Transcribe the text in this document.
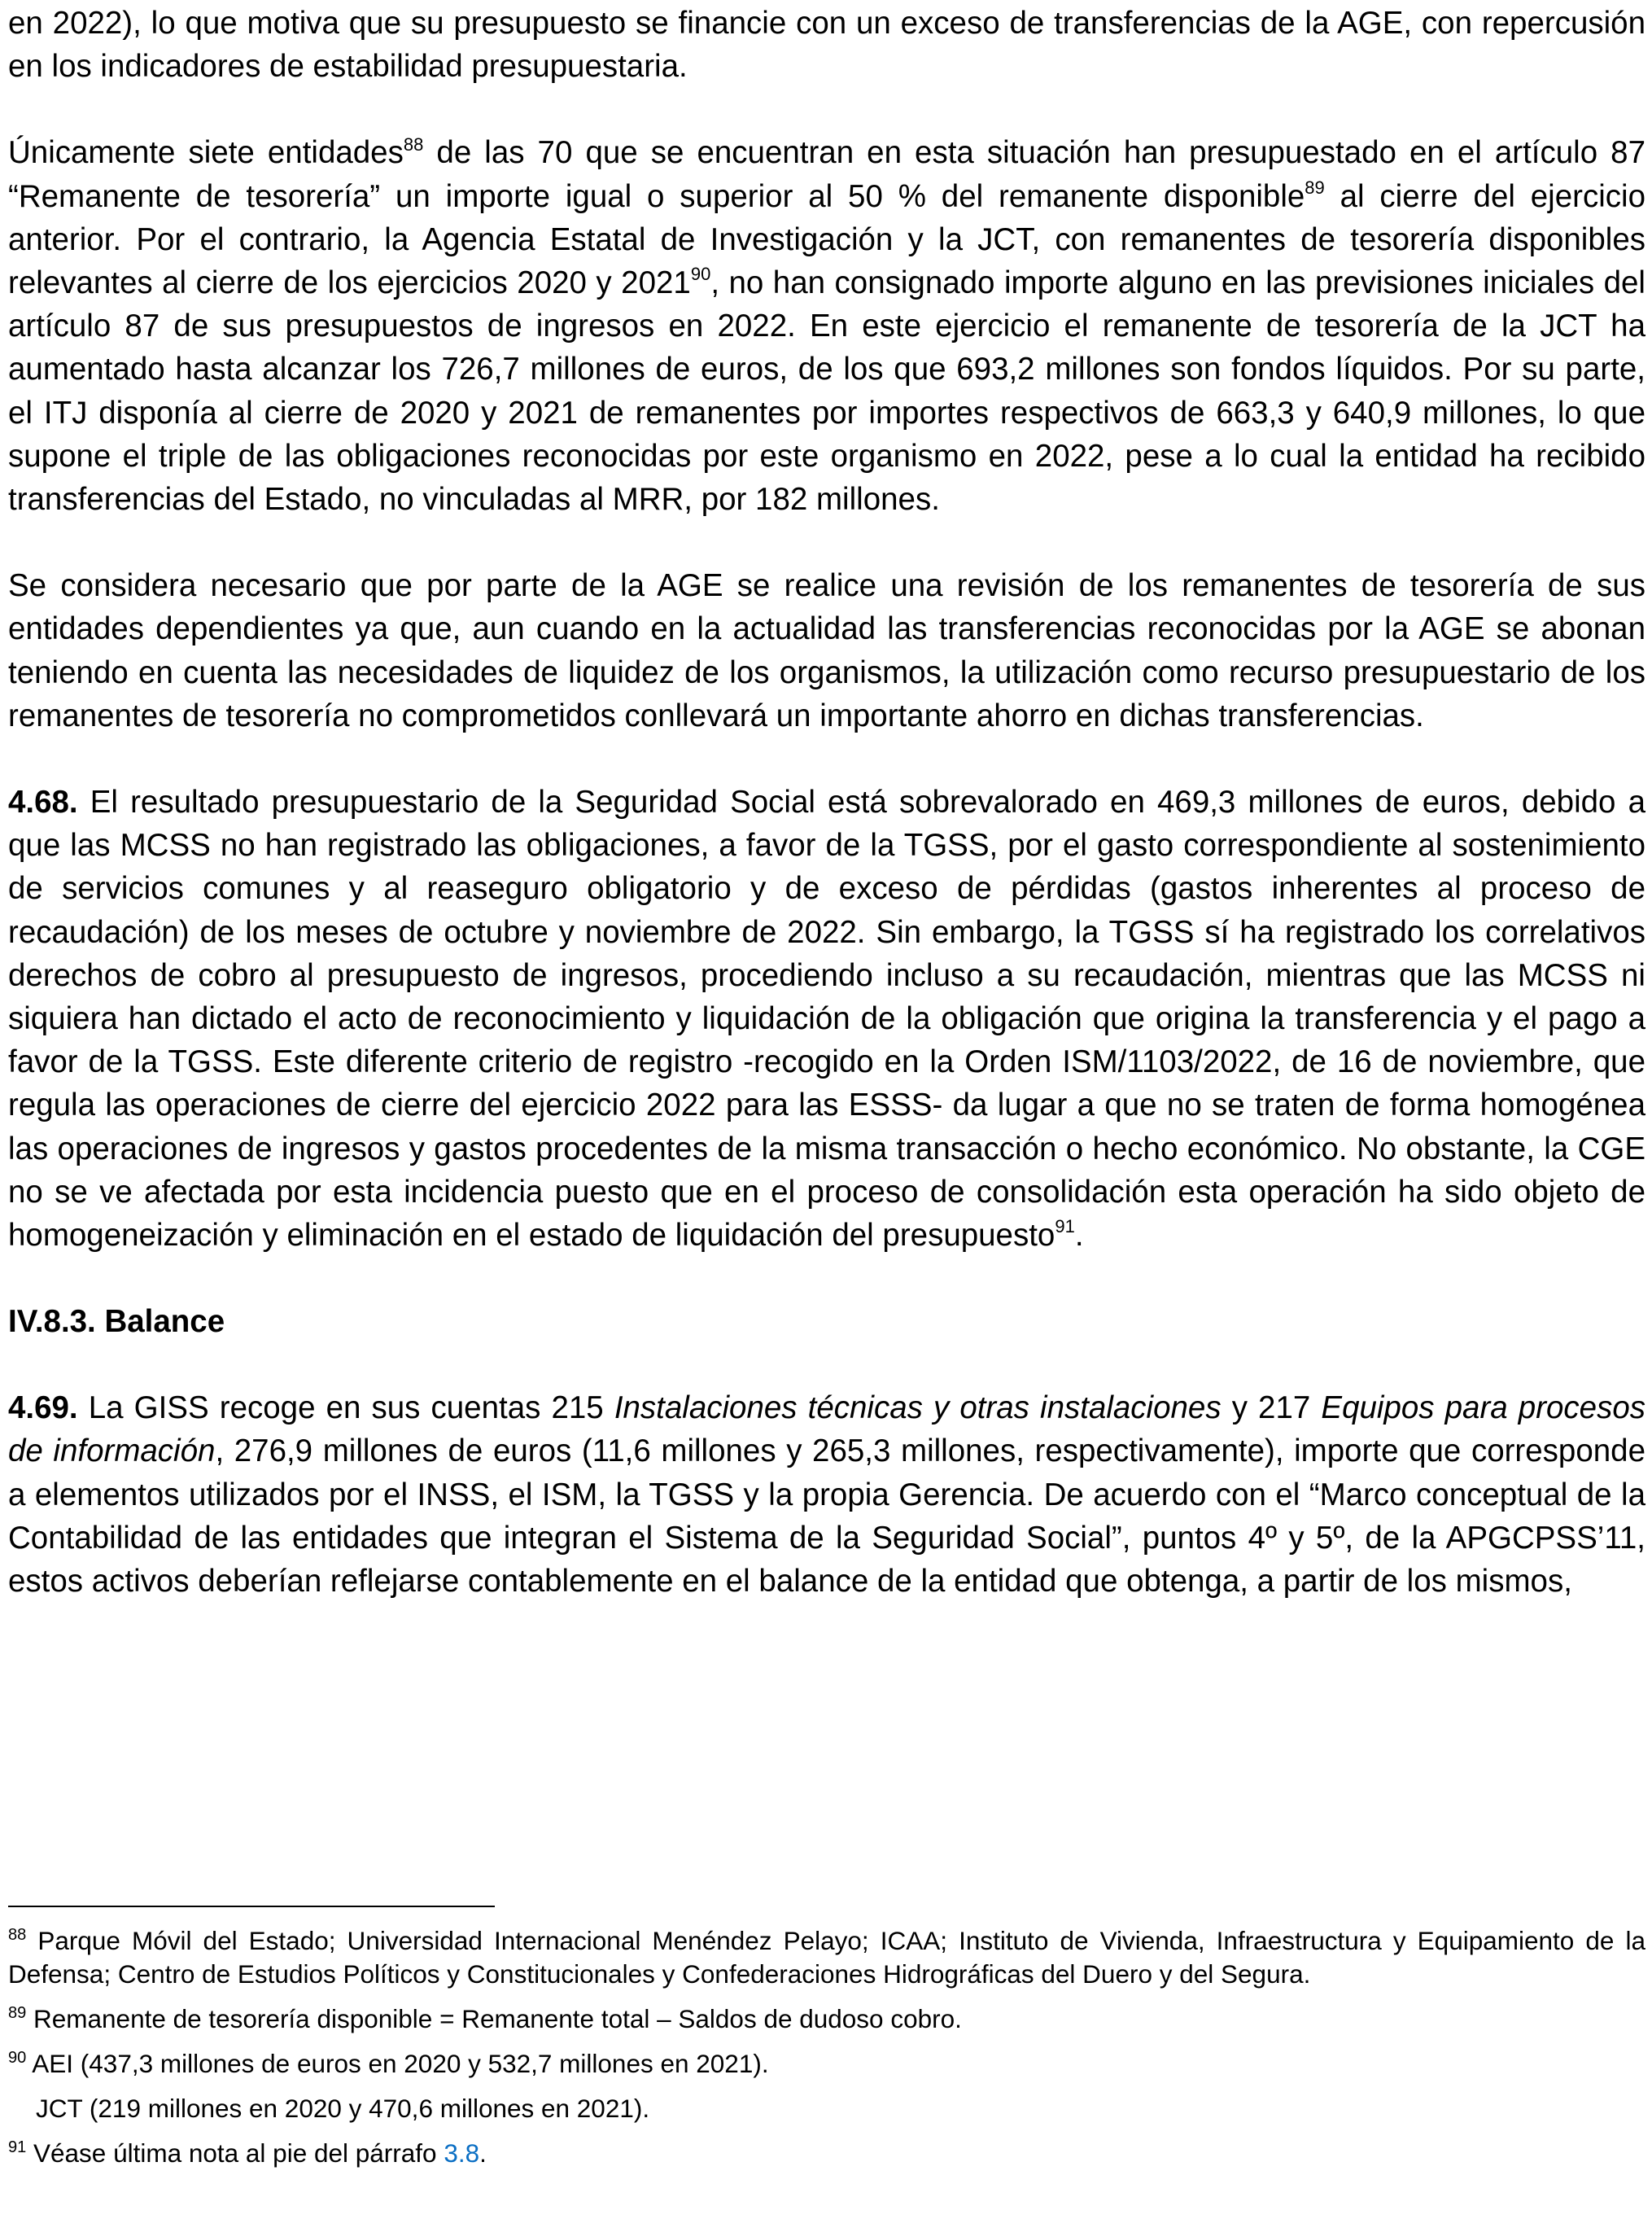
en 2022), lo que motiva que su presupuesto se financie con un exceso de transferencias de la AGE, con repercusión en los indicadores de estabilidad presupuestaria.

Únicamente siete entidades$^{88}$ de las 70 que se encuentran en esta situación han presupuestado en el artículo 87 “Remanente de tesorería” un importe igual o superior al 50 % del remanente disponible$^{89}$ al cierre del ejercicio anterior. Por el contrario, la Agencia Estatal de Investigación y la JCT, con remanentes de tesorería disponibles relevantes al cierre de los ejercicios 2020 y 2021$^{90}$, no han consignado importe alguno en las previsiones iniciales del artículo 87 de sus presupuestos de ingresos en 2022. En este ejercicio el remanente de tesorería de la JCT ha aumentado hasta alcanzar los 726,7 millones de euros, de los que 693,2 millones son fondos líquidos. Por su parte, el ITJ disponía al cierre de 2020 y 2021 de remanentes por importes respectivos de 663,3 y 640,9 millones, lo que supone el triple de las obligaciones reconocidas por este organismo en 2022, pese a lo cual la entidad ha recibido transferencias del Estado, no vinculadas al MRR, por 182 millones.

Se considera necesario que por parte de la AGE se realice una revisión de los remanentes de tesorería de sus entidades dependientes ya que, aun cuando en la actualidad las transferencias reconocidas por la AGE se abonan teniendo en cuenta las necesidades de liquidez de los organismos, la utilización como recurso presupuestario de los remanentes de tesorería no comprometidos conllevará un importante ahorro en dichas transferencias.

4.68. El resultado presupuestario de la Seguridad Social está sobrevalorado en 469,3 millones de euros, debido a que las MCSS no han registrado las obligaciones, a favor de la TGSS, por el gasto correspondiente al sostenimiento de servicios comunes y al reaseguro obligatorio y de exceso de pérdidas (gastos inherentes al proceso de recaudación) de los meses de octubre y noviembre de 2022. Sin embargo, la TGSS sí ha registrado los correlativos derechos de cobro al presupuesto de ingresos, procediendo incluso a su recaudación, mientras que las MCSS ni siquiera han dictado el acto de reconocimiento y liquidación de la obligación que origina la transferencia y el pago a favor de la TGSS. Este diferente criterio de registro -recogido en la Orden ISM/1103/2022, de 16 de noviembre, que regula las operaciones de cierre del ejercicio 2022 para las ESSS- da lugar a que no se traten de forma homogénea las operaciones de ingresos y gastos procedentes de la misma transacción o hecho económico. No obstante, la CGE no se ve afectada por esta incidencia puesto que en el proceso de consolidación esta operación ha sido objeto de homogeneización y eliminación en el estado de liquidación del presupuesto$^{91}$.

IV.8.3. Balance

4.69. La GISS recoge en sus cuentas 215 Instalaciones técnicas y otras instalaciones y 217 Equipos para procesos de información, 276,9 millones de euros (11,6 millones y 265,3 millones, respectivamente), importe que corresponde a elementos utilizados por el INSS, el ISM, la TGSS y la propia Gerencia. De acuerdo con el “Marco conceptual de la Contabilidad de las entidades que integran el Sistema de la Seguridad Social”, puntos 4º y 5º, de la APGCPSS’11, estos activos deberían reflejarse contablemente en el balance de la entidad que obtenga, a partir de los mismos,

$^{88}$ Parque Móvil del Estado; Universidad Internacional Menéndez Pelayo; ICAA; Instituto de Vivienda, Infraestructura y Equipamiento de la Defensa; Centro de Estudios Políticos y Constitucionales y Confederaciones Hidrográficas del Duero y del Segura.

$^{89}$ Remanente de tesorería disponible = Remanente total – Saldos de dudoso cobro.

$^{90}$ AEI (437,3 millones de euros en 2020 y 532,7 millones en 2021).

JCT (219 millones en 2020 y 470,6 millones en 2021).

$^{91}$ Véase última nota al pie del párrafo 3.8.
